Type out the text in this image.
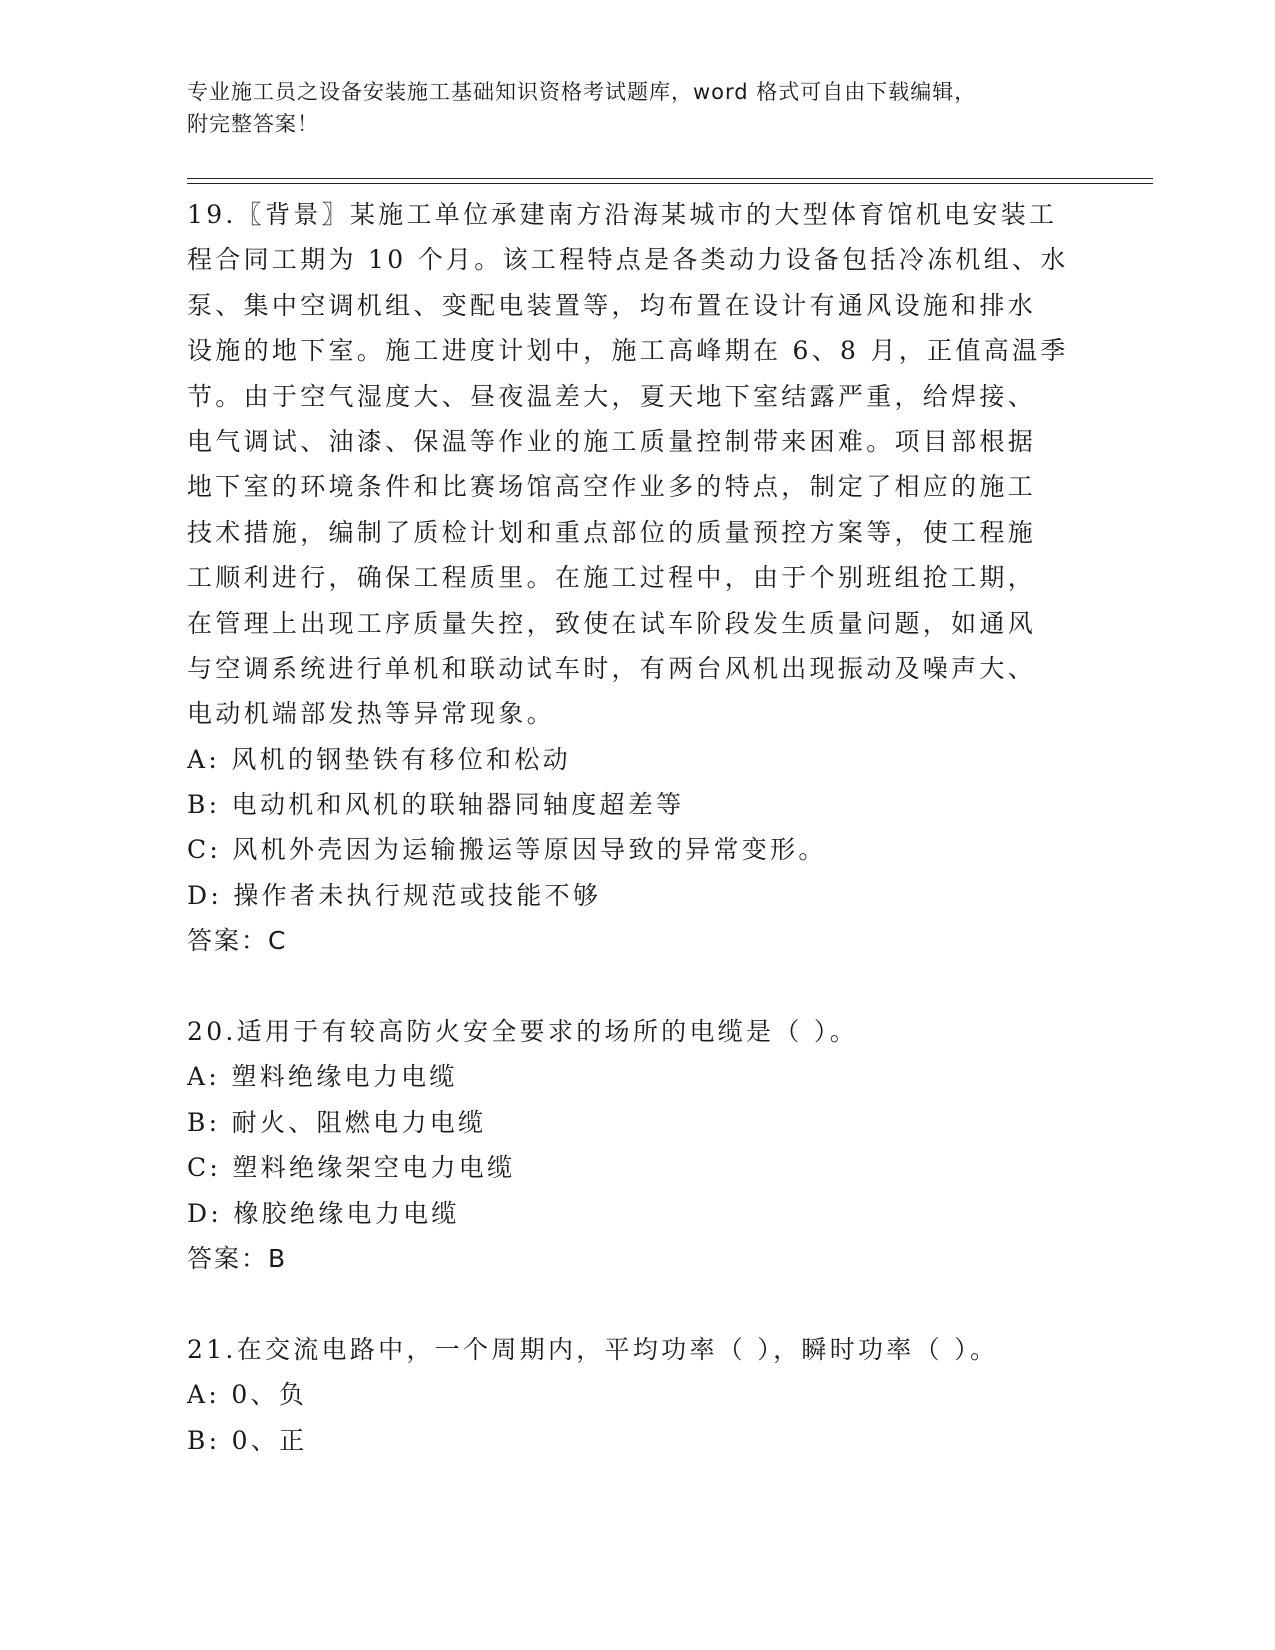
专业施工员之设备安装施工基础知识资格考试题库，word 格式可自由下载编辑，
附完整答案！
19.〖背景〗某施工单位承建南方沿海某城市的大型体育馆机电安装工
程合同工期为 10 个月。该工程特点是各类动力设备包括冷冻机组、水
泵、集中空调机组、变配电装置等，均布置在设计有通风设施和排水
设施的地下室。施工进度计划中，施工高峰期在 6、8 月，正值高温季
节。由于空气湿度大、昼夜温差大，夏天地下室结露严重，给焊接、
电气调试、油漆、保温等作业的施工质量控制带来困难。项目部根据
地下室的环境条件和比赛场馆高空作业多的特点，制定了相应的施工
技术措施，编制了质检计划和重点部位的质量预控方案等，使工程施
工顺利进行，确保工程质里。在施工过程中，由于个别班组抢工期，
在管理上出现工序质量失控，致使在试车阶段发生质量问题，如通风
与空调系统进行单机和联动试车时，有两台风机出现振动及噪声大、
电动机端部发热等异常现象。
A: 风机的钢垫铁有移位和松动
B: 电动机和风机的联轴器同轴度超差等
C: 风机外壳因为运输搬运等原因导致的异常变形。
D: 操作者未执行规范或技能不够
答案：C
20.适用于有较高防火安全要求的场所的电缆是（ ）。
A: 塑料绝缘电力电缆
B: 耐火、阻燃电力电缆
C: 塑料绝缘架空电力电缆
D: 橡胶绝缘电力电缆
答案：B
21.在交流电路中，一个周期内，平均功率（ ），瞬时功率（ ）。
A: 0、负
B: 0、正
